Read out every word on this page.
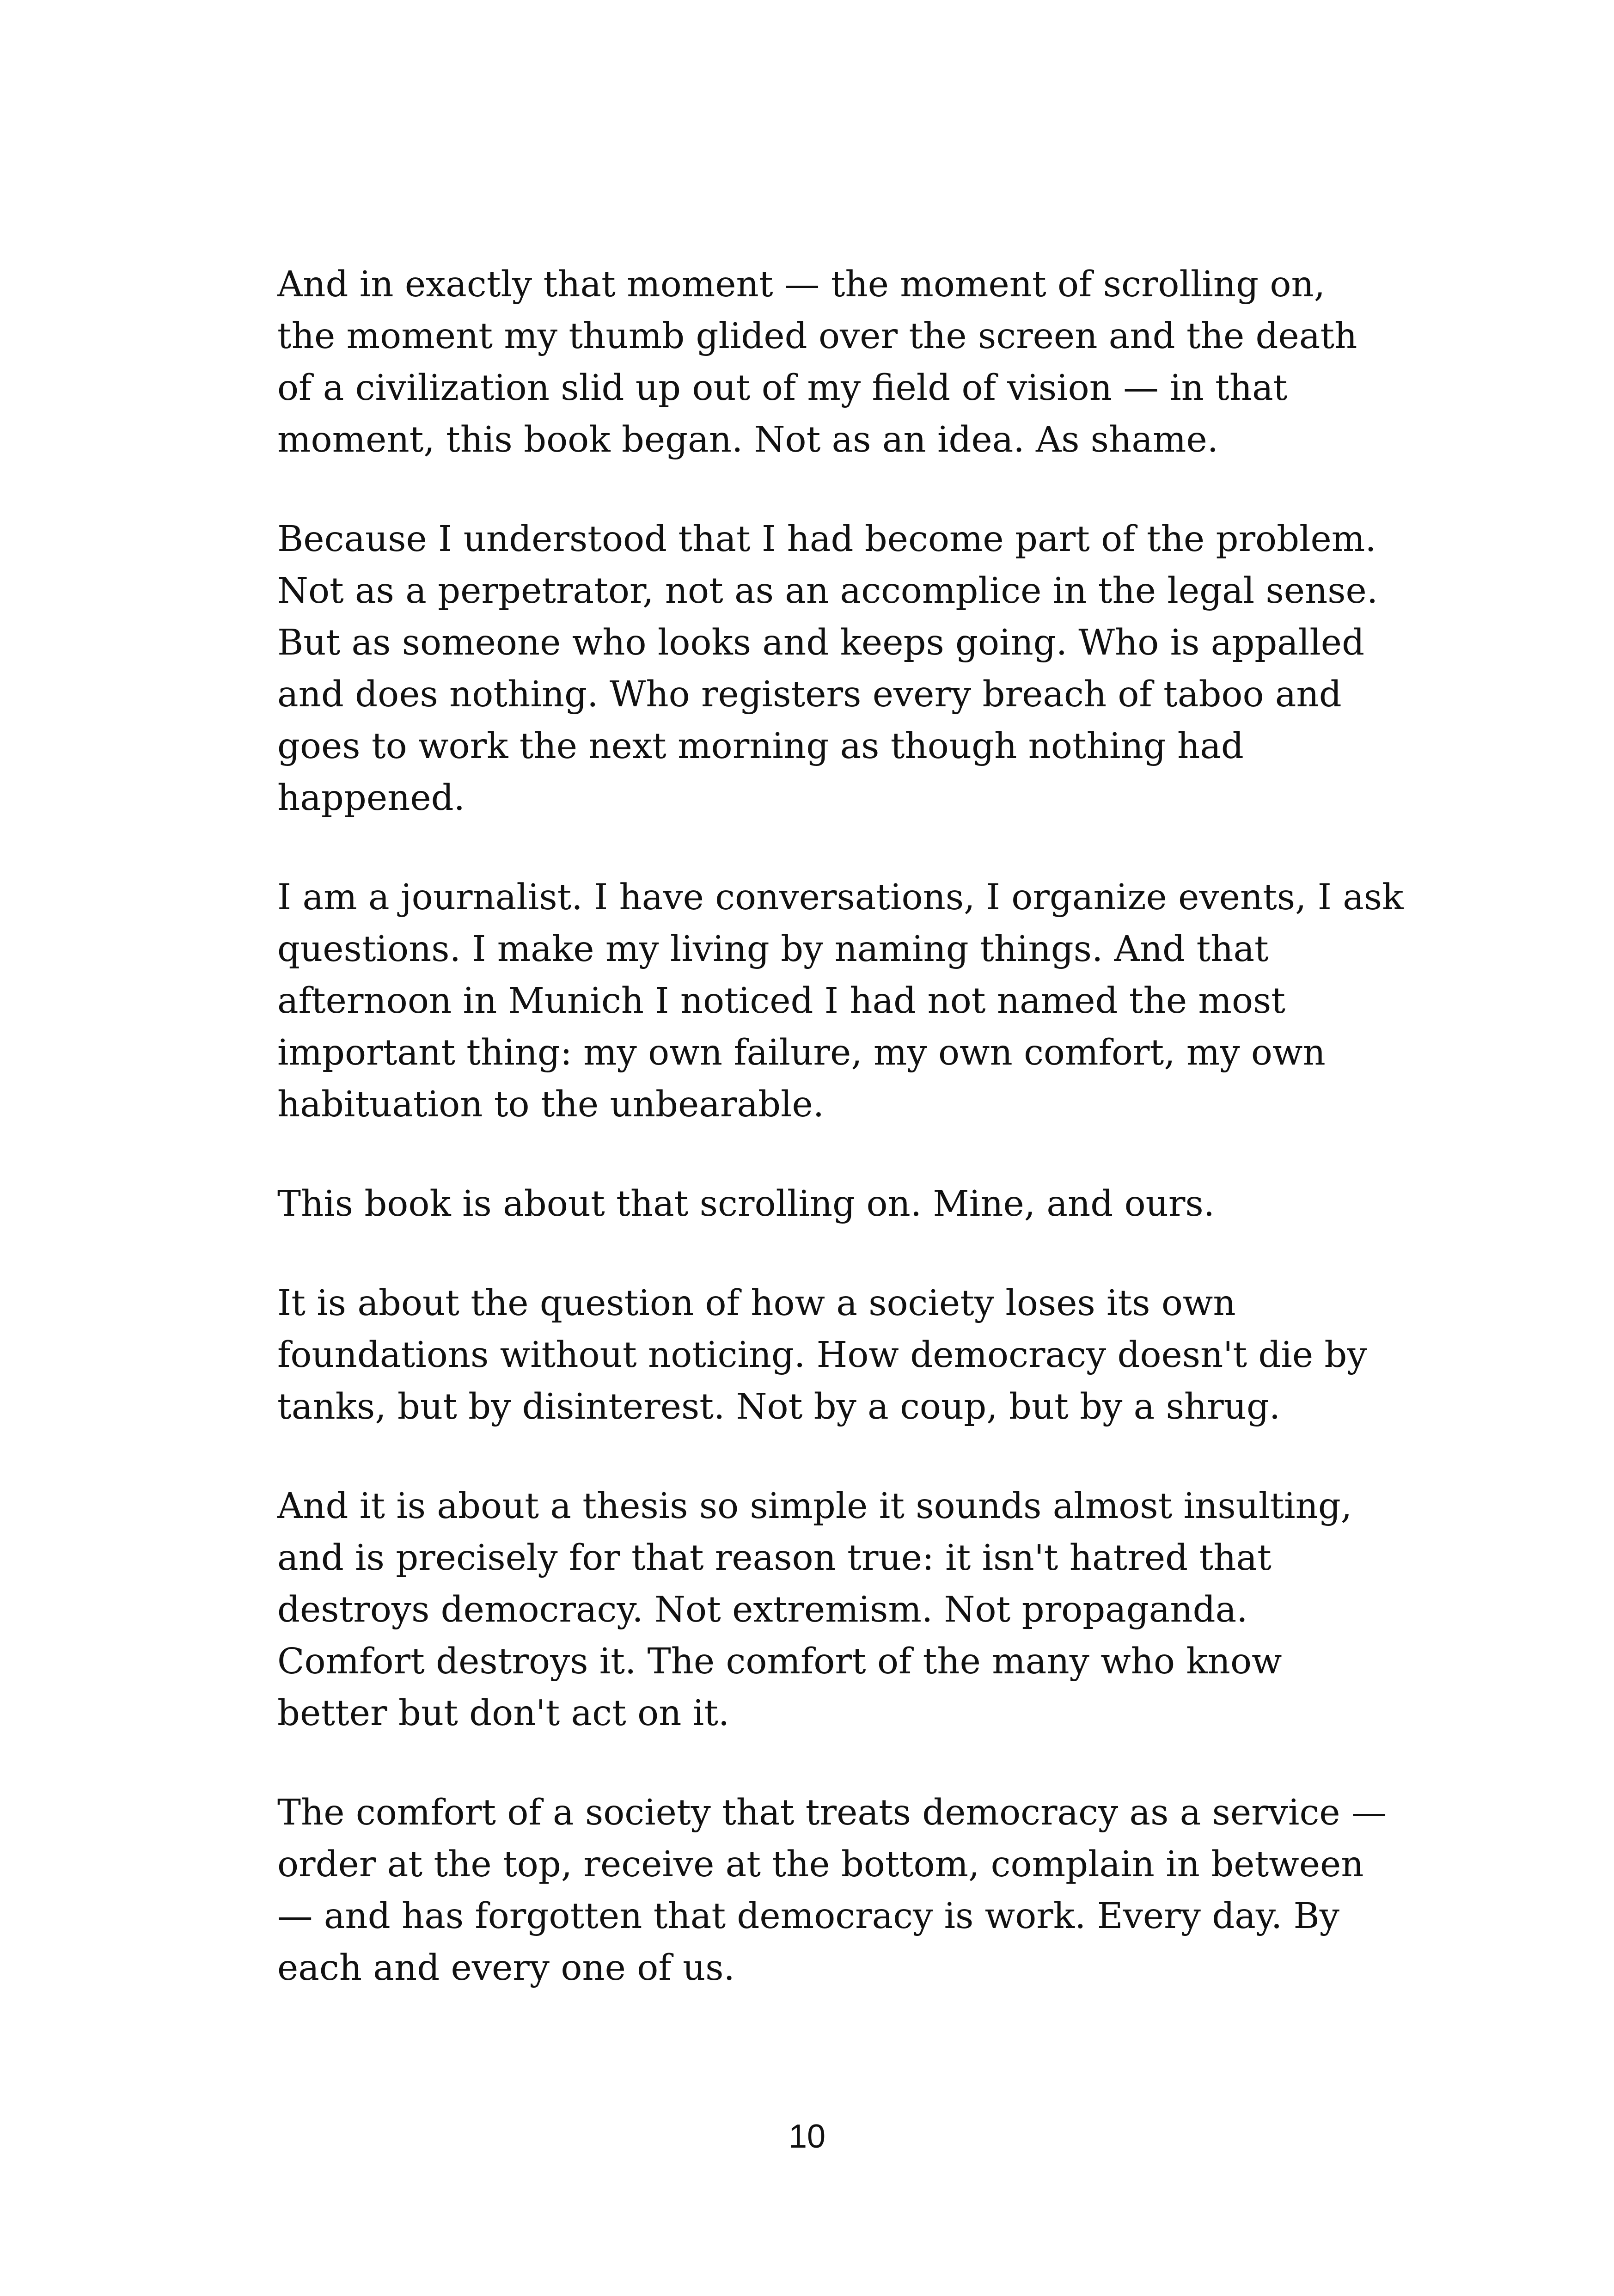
And in exactly that moment — the moment of scrolling on,
the moment my thumb glided over the screen and the death
of a civilization slid up out of my field of vision — in that
moment, this book began. Not as an idea. As shame.

Because I understood that I had become part of the problem.
Not as a perpetrator, not as an accomplice in the legal sense.
But as someone who looks and keeps going. Who is appalled
and does nothing. Who registers every breach of taboo and
goes to work the next morning as though nothing had
happened.

I am a journalist. I have conversations, I organize events, I ask
questions. I make my living by naming things. And that
afternoon in Munich I noticed I had not named the most
important thing: my own failure, my own comfort, my own
habituation to the unbearable.

This book is about that scrolling on. Mine, and ours.

It is about the question of how a society loses its own
foundations without noticing. How democracy doesn't die by
tanks, but by disinterest. Not by a coup, but by a shrug.

And it is about a thesis so simple it sounds almost insulting,
and is precisely for that reason true: it isn't hatred that
destroys democracy. Not extremism. Not propaganda.
Comfort destroys it. The comfort of the many who know
better but don't act on it.

The comfort of a society that treats democracy as a service —
order at the top, receive at the bottom, complain in between
— and has forgotten that democracy is work. Every day. By
each and every one of us.

10
